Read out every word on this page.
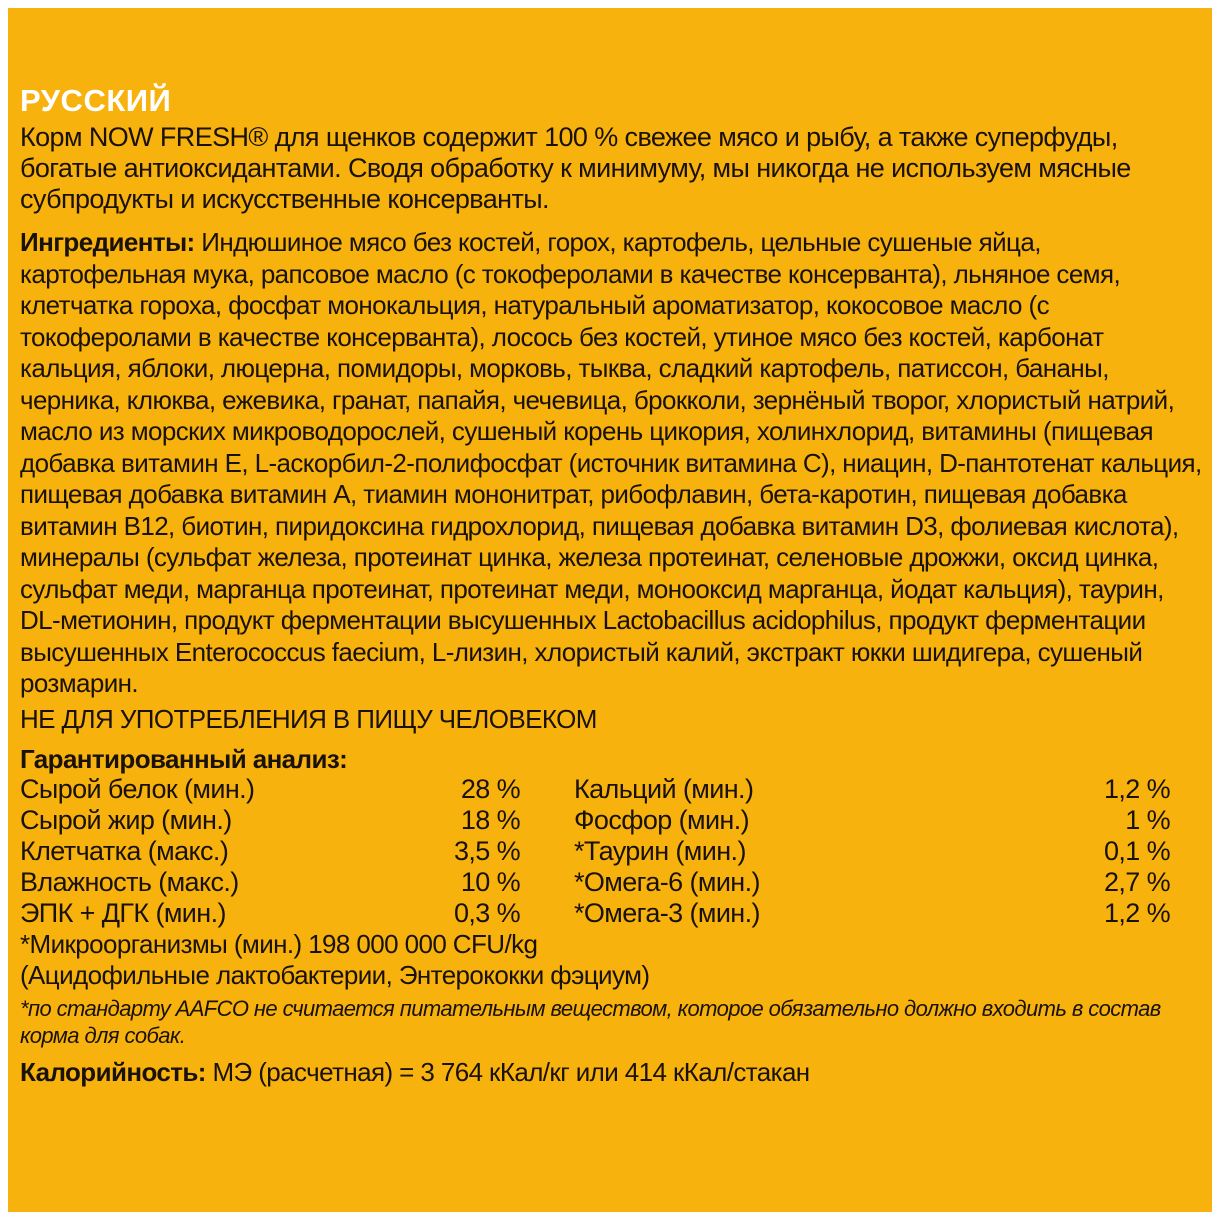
РУССКИЙ
Корм NOW FRESH® для щенков содержит 100 % свежее мясо и рыбу, а также суперфуды, богатые антиоксидантами. Сводя обработку к минимуму, мы никогда не используем мясные субпродукты и искусственные консерванты.
Ингредиенты: Индюшиное мясо без костей, горох, картофель, цельные сушеные яйца, картофельная мука, рапсовое масло (с токоферолами в качестве консерванта), льняное семя, клетчатка гороха, фосфат монокальция, натуральный ароматизатор, кокосовое масло (с токоферолами в качестве консерванта), лосось без костей, утиное мясо без костей, карбонат кальция, яблоки, люцерна, помидоры, морковь, тыква, сладкий картофель, патиссон, бананы, черника, клюква, ежевика, гранат, папайя, чечевица, брокколи, зернёный творог, хлористый натрий, масло из морских микроводорослей, сушеный корень цикория, холинхлорид, витамины (пищевая добавка витамин E, L-аскорбил-2-полифосфат (источник витамина C), ниацин, D-пантотенат кальция, пищевая добавка витамин A, тиамин мононитрат, рибофлавин, бета-каротин, пищевая добавка витамин B12, биотин, пиридоксина гидрохлорид, пищевая добавка витамин D3, фолиевая кислота), минералы (сульфат железа, протеинат цинка, железа протеинат, селеновые дрожжи, оксид цинка, сульфат меди, марганца протеинат, протеинат меди, монооксид марганца, йодат кальция), таурин, DL-метионин, продукт ферментации высушенных Lactobacillus acidophilus, продукт ферментации высушенных Enterococcus faecium, L-лизин, хлористый калий, экстракт юкки шидигера, сушеный розмарин.
НЕ ДЛЯ УПОТРЕБЛЕНИЯ В ПИЩУ ЧЕЛОВЕКОМ
Гарантированный анализ:
Сырой белок (мин.)	28 %
Сырой жир (мин.)	18 %
Клетчатка (макс.)	3,5 %
Влажность (макс.)	10 %
ЭПК + ДГК (мин.)	0,3 %
Кальций (мин.)	1,2 %
Фосфор (мин.)	1 %
*Таурин (мин.)	0,1 %
*Омега-6 (мин.)	2,7 %
*Омега-3 (мин.)	1,2 %
*Микроорганизмы (мин.) 198 000 000 CFU/kg
(Ацидофильные лактобактерии, Энтерококки фэциум)
*по стандарту AAFCO не считается питательным веществом, которое обязательно должно входить в состав корма для собак.
Калорийность: МЭ (расчетная) = 3 764 кКал/кг или 414 кКал/стакан
